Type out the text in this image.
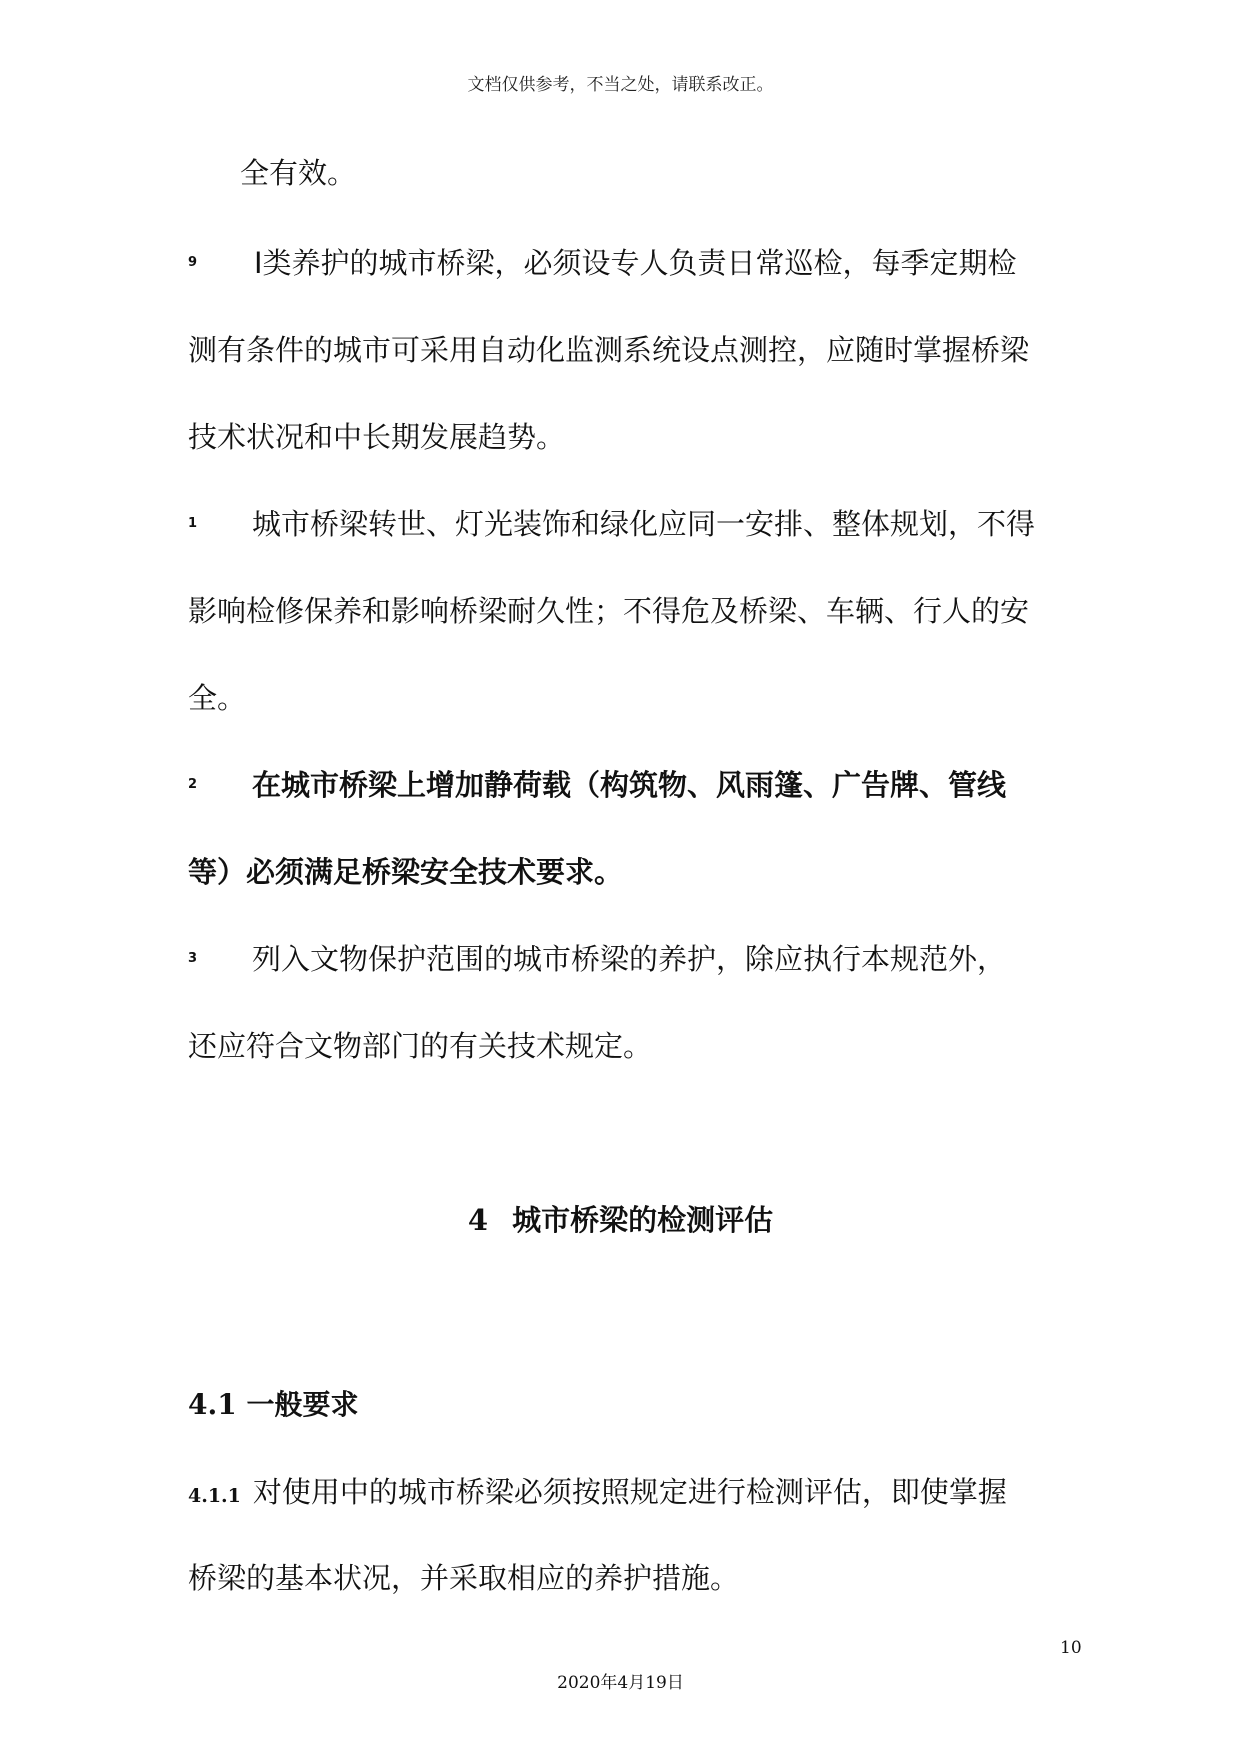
文档仅供参考，不当之处，请联系改正。
全有效。
9 Ⅰ类养护的城市桥梁，必须设专人负责日常巡检，每季定期检
测有条件的城市可采用自动化监测系统设点测控，应随时掌握桥梁
技术状况和中长期发展趋势。
1 城市桥梁转世、灯光装饰和绿化应同一安排、整体规划，不得
影响检修保养和影响桥梁耐久性；不得危及桥梁、车辆、行人的安
全。
2 在城市桥梁上增加静荷载（构筑物、风雨篷、广告牌、管线
等）必须满足桥梁安全技术要求。
3 列入文物保护范围的城市桥梁的养护，除应执行本规范外，
还应符合文物部门的有关技术规定。
4 城市桥梁的检测评估
4.1 一般要求
4.1.1 对使用中的城市桥梁必须按照规定进行检测评估，即使掌握
桥梁的基本状况，并采取相应的养护措施。
10
2020年4月19日
